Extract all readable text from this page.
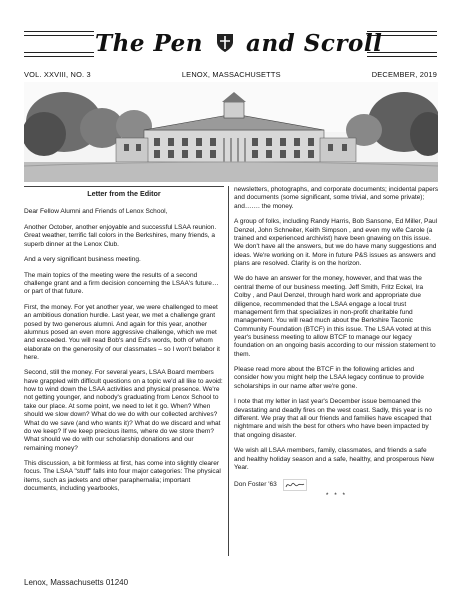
The Pen and Scroll
VOL. XXVIII, NO. 3	LENOX, MASSACHUSETTS	DECEMBER, 2019
Letter from the Editor

Dear Fellow Alumni and Friends of Lenox School,

Another October, another enjoyable and successful LSAA reunion. Great weather, terrific fall colors in the Berkshires, many friends, a superb dinner at the Lenox Club.

And a very significant business meeting.

The main topics of the meeting were the results of a second challenge grant and a firm decision concerning the LSAA's future… or part of that future.

First, the money. For yet another year, we were challenged to meet an ambitious donation hurdle. Last year, we met a challenge grant posed by two generous alumni. And again for this year, another alumnus posed an even more aggressive challenge, which we met and exceeded. You will read Bob's and Ed's words, both of whom elaborate on the generosity of our classmates – so I won't belabor it here.

Second, still the money. For several years, LSAA Board members have grappled with difficult questions on a topic we'd all like to avoid: how to wind down the LSAA activities and physical presence. We're not getting younger, and nobody's graduating from Lenox School to take our place. At some point, we need to let it go. When? When should we slow down? What do we do with our collected archives? What do we save (and who wants it)? What do we discard and what do we keep? If we keep precious items, where do we store them? What should we do with our scholarship donations and our remaining money?

This discussion, a bit formless at first, has come into slightly clearer focus. The LSAA "stuff" falls into four major categories: The physical items, such as jackets and other paraphernalia; important documents, including yearbooks,

newsletters, photographs, and corporate documents; incidental papers and documents (some significant, some trivial, and some private); and……. the money.

A group of folks, including Randy Harris, Bob Sansone, Ed Miller, Paul Denzel, John Schneiter, Keith Simpson , and even my wife Carole (a trained and experienced archivist) have been gnawing on this issue. We don't have all the answers, but we do have many suggestions and ideas. We're working on it. More in future P&S issues as answers and plans are resolved. Clarity is on the horizon.

We do have an answer for the money, however, and that was the central theme of our business meeting. Jeff Smith, Fritz Eckel, Ira Colby , and Paul Denzel, through hard work and appropriate due diligence, recommended that the LSAA engage a local trust management firm that specializes in non-profit charitable fund management. You will read much about the Berkshire Taconic Community Foundation (BTCF) in this issue. The LSAA voted at this year's business meeting to allow BTCF to manage our legacy foundation on an ongoing basis according to our mission statement to them.

Please read more about the BTCF in the following articles and consider how you might help the LSAA legacy continue to provide scholarships in our name after we're gone.

I note that my letter in last year's December issue bemoaned the devastating and deadly fires on the west coast. Sadly, this year is no different. We pray that all our friends and families have escaped that nightmare and wish the best for others who have been impacted by that ongoing disaster.

We wish all LSAA members, family, classmates, and friends a safe and healthy holiday season and a safe, healthy, and prosperous New Year.

Don Foster '63
* * *
Lenox, Massachusetts 01240
